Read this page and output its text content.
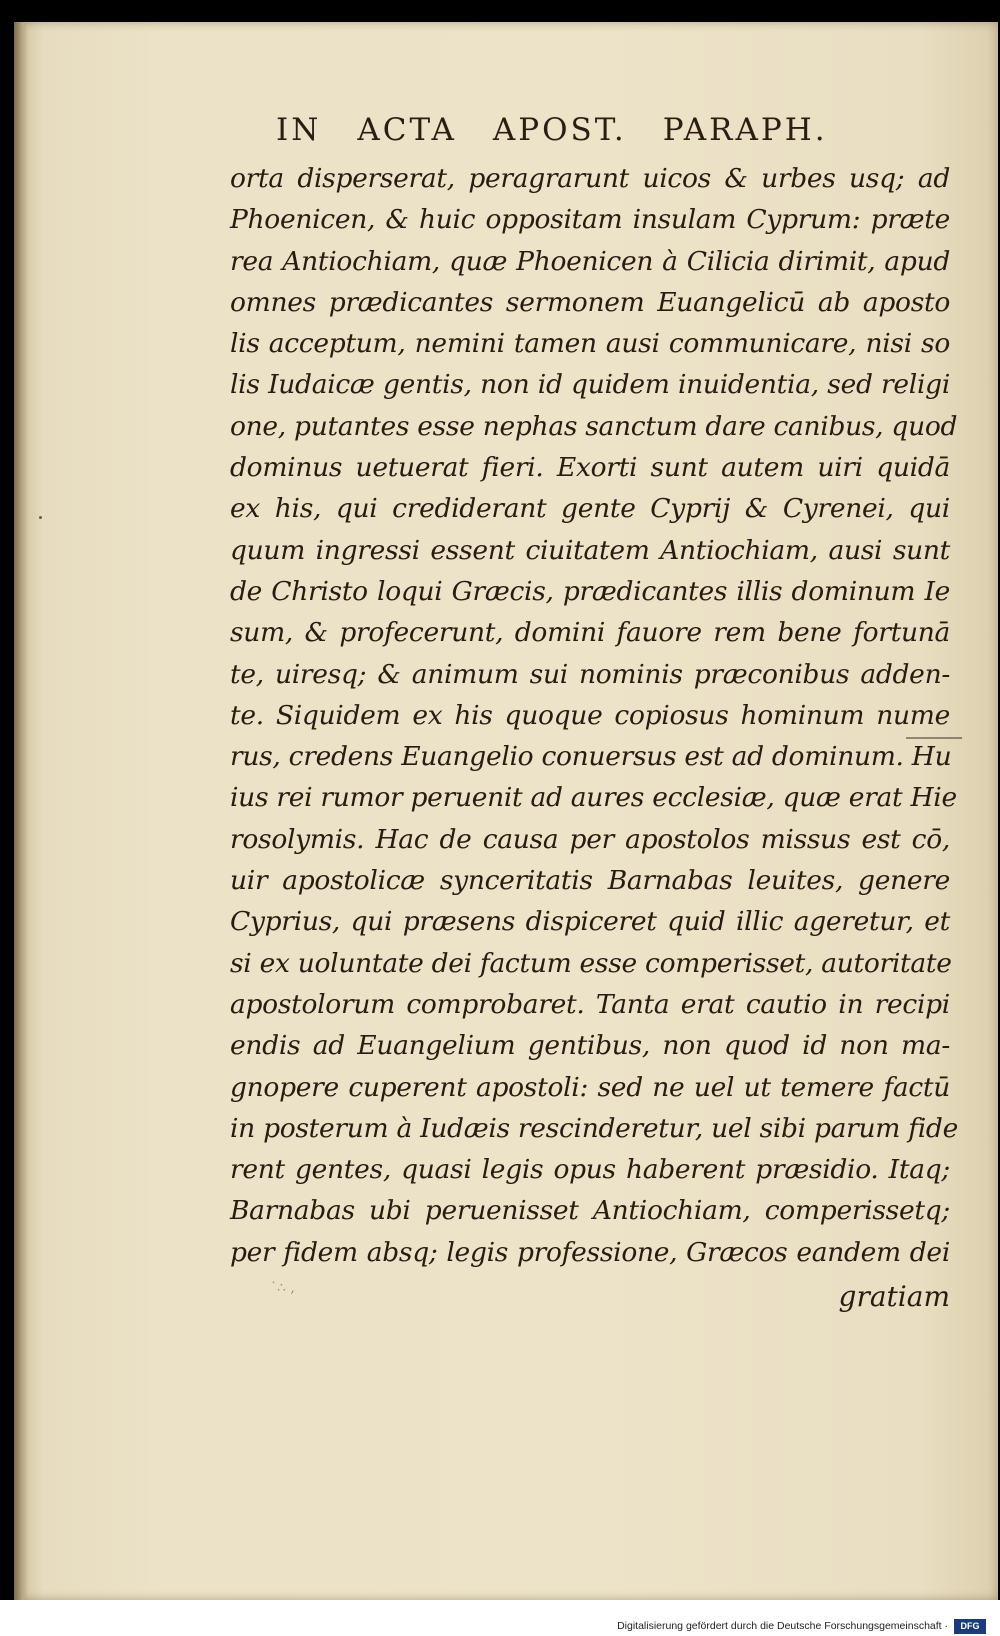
IN ACTA APOST. PARAPH.
orta disperserat, peragrarunt uicos & urbes usq; ad
Phoenicen, & huic oppositam insulam Cyprum: præte
rea Antiochiam, quæ Phoenicen à Cilicia dirimit, apud
omnes prædicantes sermonem Euangelicū ab aposto
lis acceptum, nemini tamen ausi communicare, nisi so
lis Iudaicæ gentis, non id quidem inuidentia, sed religi
one, putantes esse nephas sanctum dare canibus, quod
dominus uetuerat fieri. Exorti sunt autem uiri quidā
ex his, qui crediderant gente Cyprij & Cyrenei, qui
quum ingressi essent ciuitatem Antiochiam, ausi sunt
de Christo loqui Græcis, prædicantes illis dominum Ie
sum, & profecerunt, domini fauore rem bene fortunā
te, uiresq; & animum sui nominis præconibus adden-
te. Siquidem ex his quoque copiosus hominum nume
rus, credens Euangelio conuersus est ad dominum. Hu
ius rei rumor peruenit ad aures ecclesiæ, quæ erat Hie
rosolymis. Hac de causa per apostolos missus est cō,
uir apostolicæ synceritatis Barnabas leuites, genere
Cyprius, qui præsens dispiceret quid illic ageretur, et
si ex uoluntate dei factum esse comperisset, autoritate
apostolorum comprobaret. Tanta erat cautio in recipi
endis ad Euangelium gentibus, non quod id non ma-
gnopere cuperent apostoli: sed ne uel ut temere factū
in posterum à Iudæis rescinderetur, uel sibi parum fide
rent gentes, quasi legis opus haberent præsidio. Itaq;
Barnabas ubi peruenisset Antiochiam, comperissetq;
per fidem absq; legis professione, Græcos eandem dei
˙∴ ,	gratiam
Digitalisierung gefördert durch die Deutsche Forschungsgemeinschaft ·	DFG
